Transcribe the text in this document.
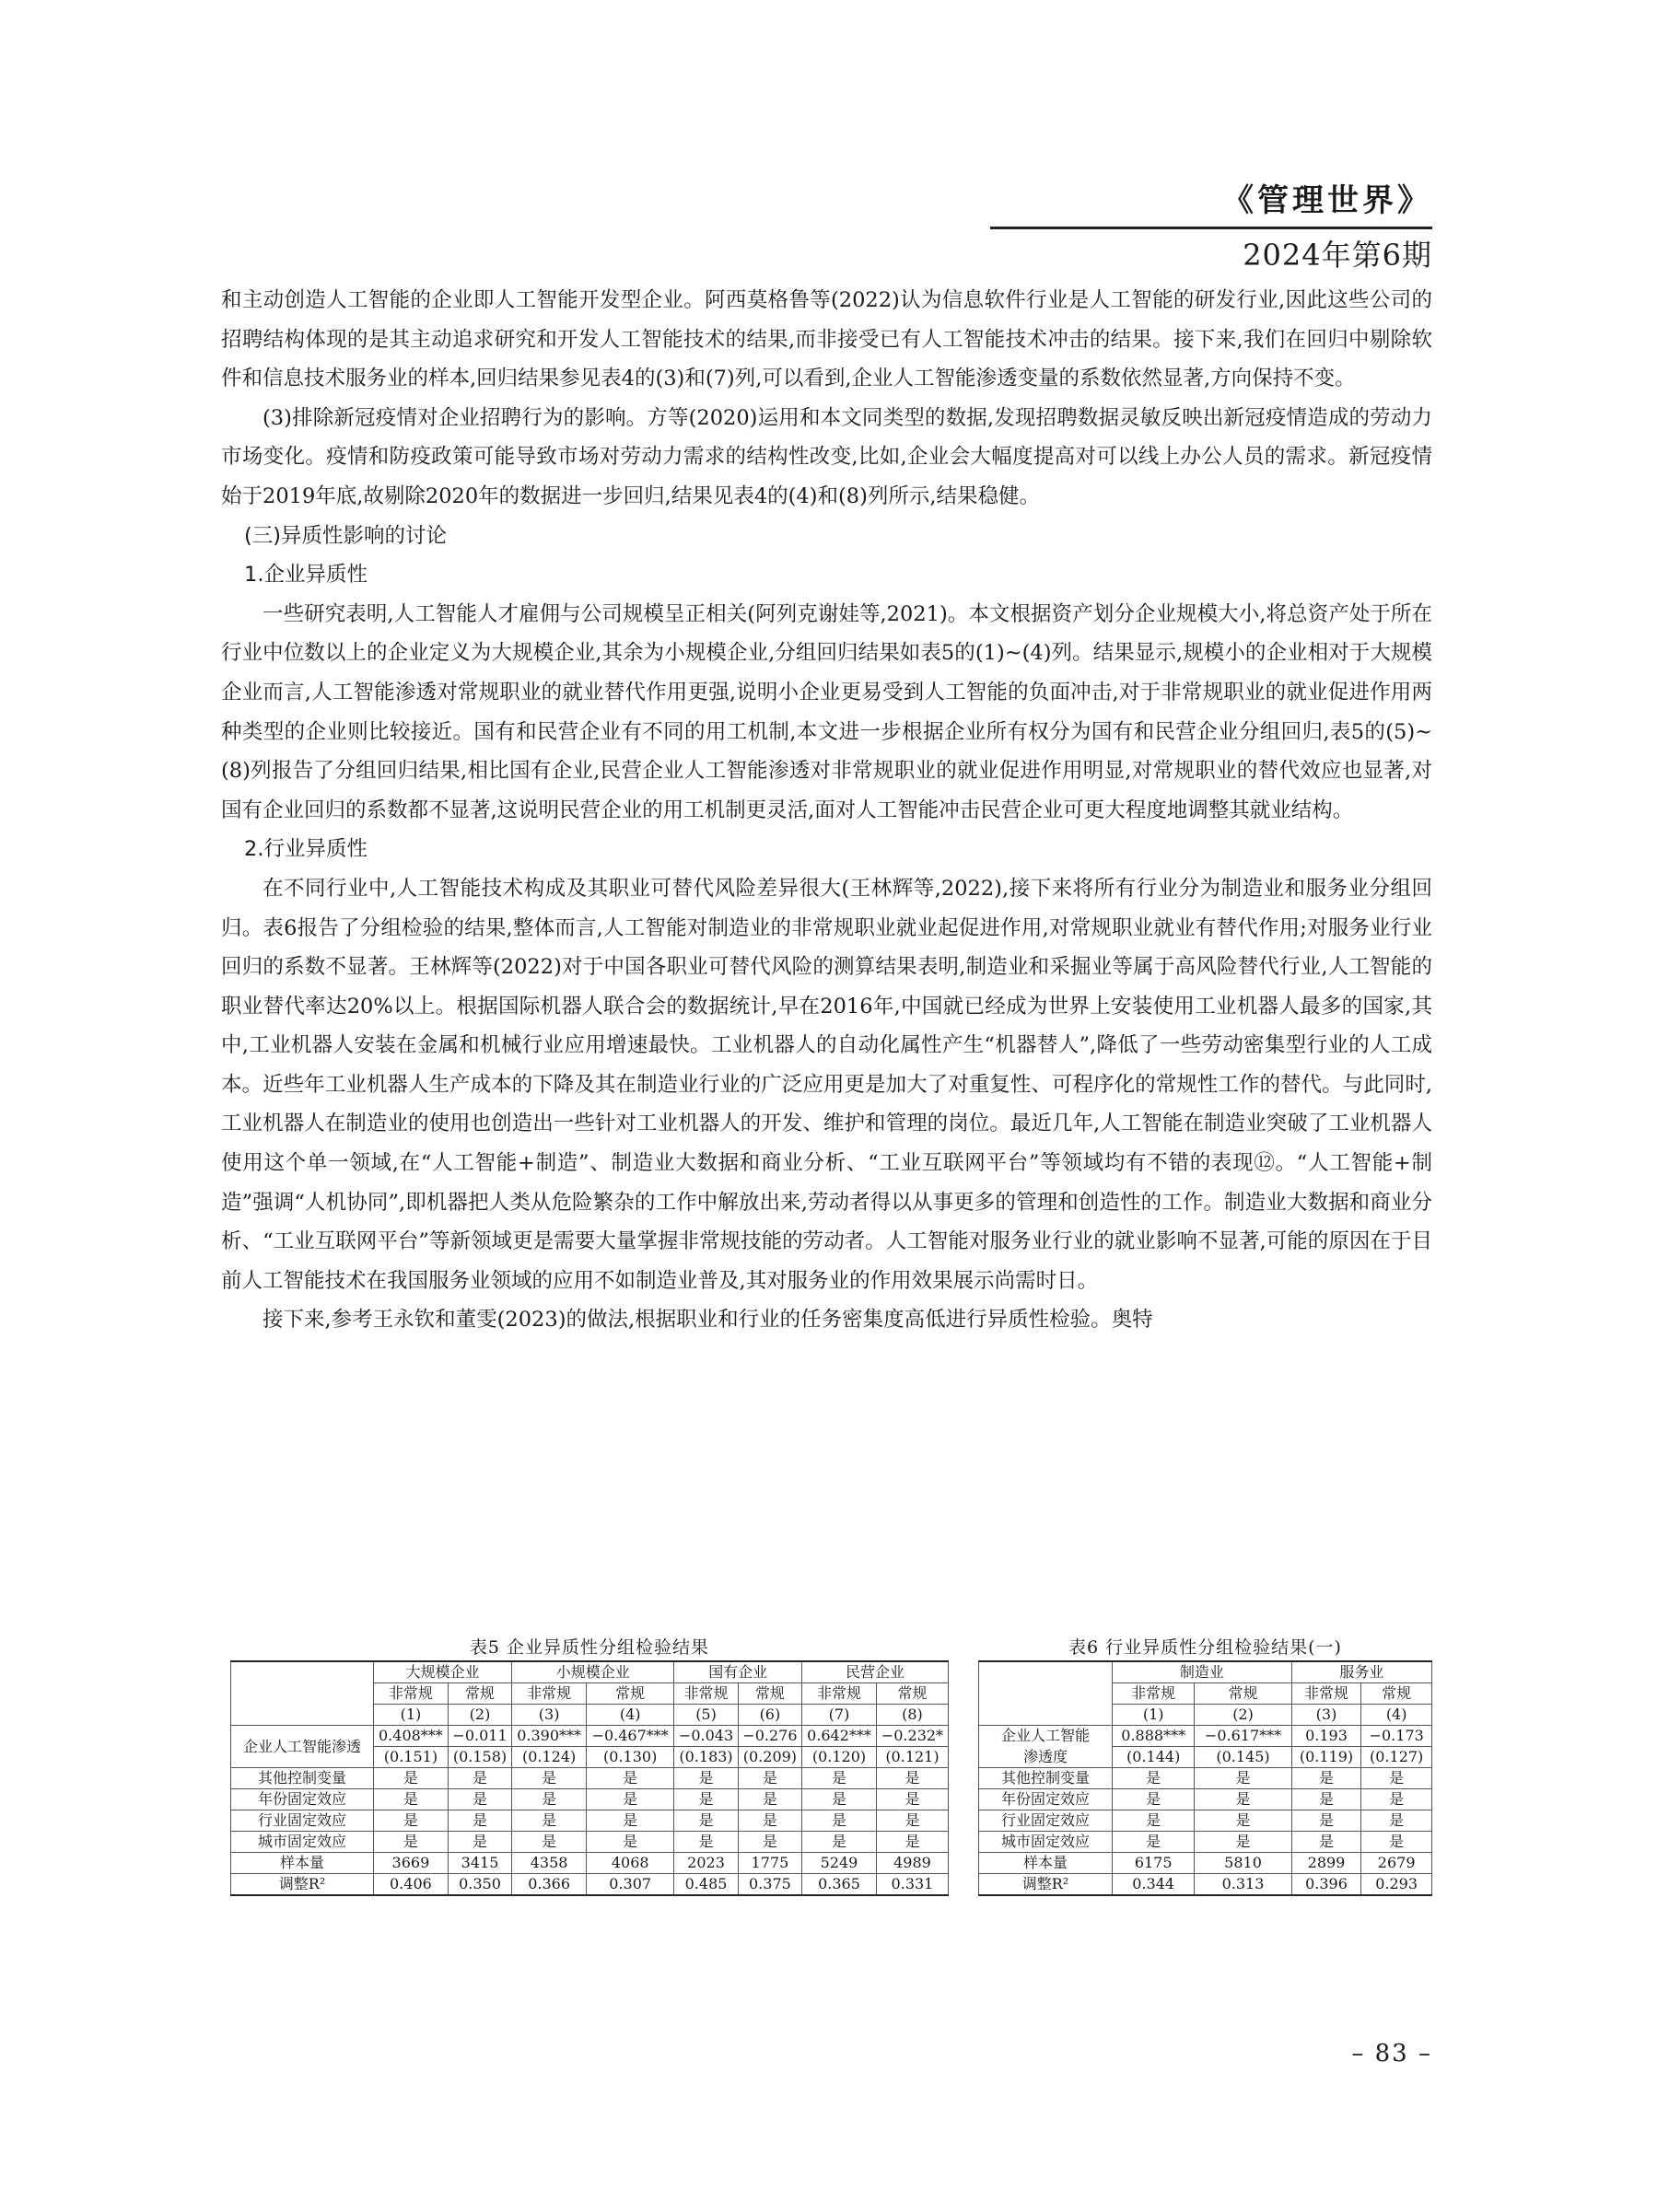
《管理世界》
2024年第6期

和主动创造人工智能的企业即人工智能开发型企业。阿西莫格鲁等(2022)认为信息软件行业是人工智能的研发行业,因此这些公司的招聘结构体现的是其主动追求研究和开发人工智能技术的结果,而非接受已有人工智能技术冲击的结果。接下来,我们在回归中剔除软件和信息技术服务业的样本,回归结果参见表4的(3)和(7)列,可以看到,企业人工智能渗透变量的系数依然显著,方向保持不变。

(3)排除新冠疫情对企业招聘行为的影响。方等(2020)运用和本文同类型的数据,发现招聘数据灵敏反映出新冠疫情造成的劳动力市场变化。疫情和防疫政策可能导致市场对劳动力需求的结构性改变,比如,企业会大幅度提高对可以线上办公人员的需求。新冠疫情始于2019年底,故剔除2020年的数据进一步回归,结果见表4的(4)和(8)列所示,结果稳健。

(三)异质性影响的讨论
1.企业异质性

一些研究表明,人工智能人才雇佣与公司规模呈正相关(阿列克谢娃等,2021)。本文根据资产划分企业规模大小,将总资产处于所在行业中位数以上的企业定义为大规模企业,其余为小规模企业,分组回归结果如表5的(1)~(4)列。结果显示,规模小的企业相对于大规模企业而言,人工智能渗透对常规职业的就业替代作用更强,说明小企业更易受到人工智能的负面冲击,对于非常规职业的就业促进作用两种类型的企业则比较接近。国有和民营企业有不同的用工机制,本文进一步根据企业所有权分为国有和民营企业分组回归,表5的(5)~(8)列报告了分组回归结果,相比国有企业,民营企业人工智能渗透对非常规职业的就业促进作用明显,对常规职业的替代效应也显著,对国有企业回归的系数都不显著,这说明民营企业的用工机制更灵活,面对人工智能冲击民营企业可更大程度地调整其就业结构。

2.行业异质性

在不同行业中,人工智能技术构成及其职业可替代风险差异很大(王林辉等,2022),接下来将所有行业分为制造业和服务业分组回归。表6报告了分组检验的结果,整体而言,人工智能对制造业的非常规职业就业起促进作用,对常规职业就业有替代作用;对服务业行业回归的系数不显著。王林辉等(2022)对于中国各职业可替代风险的测算结果表明,制造业和采掘业等属于高风险替代行业,人工智能的职业替代率达20%以上。根据国际机器人联合会的数据统计,早在2016年,中国就已经成为世界上安装使用工业机器人最多的国家,其中,工业机器人安装在金属和机械行业应用增速最快。工业机器人的自动化属性产生“机器替人”,降低了一些劳动密集型行业的人工成本。近些年工业机器人生产成本的下降及其在制造业行业的广泛应用更是加大了对重复性、可程序化的常规性工作的替代。与此同时,工业机器人在制造业的使用也创造出一些针对工业机器人的开发、维护和管理的岗位。最近几年,人工智能在制造业突破了工业机器人使用这个单一领域,在“人工智能+制造”、制造业大数据和商业分析、“工业互联网平台”等领域均有不错的表现⑫。“人工智能+制造”强调“人机协同”,即机器把人类从危险繁杂的工作中解放出来,劳动者得以从事更多的管理和创造性的工作。制造业大数据和商业分析、“工业互联网平台”等新领域更是需要大量掌握非常规技能的劳动者。人工智能对服务业行业的就业影响不显著,可能的原因在于目前人工智能技术在我国服务业领域的应用不如制造业普及,其对服务业的作用效果展示尚需时日。

接下来,参考王永钦和董雯(2023)的做法,根据职业和行业的任务密集度高低进行异质性检验。奥特

表5 企业异质性分组检验结果
	大规模企业		小规模企业		国有企业		民营企业	
	非常规	常规	非常规	常规	非常规	常规	非常规	常规
	(1)	(2)	(3)	(4)	(5)	(6)	(7)	(8)
企业人工智能渗透	0.408***	−0.011	0.390***	−0.467***	−0.043	−0.276	0.642***	−0.232*
	(0.151)	(0.158)	(0.124)	(0.130)	(0.183)	(0.209)	(0.120)	(0.121)
其他控制变量	是	是	是	是	是	是	是	是
年份固定效应	是	是	是	是	是	是	是	是
行业固定效应	是	是	是	是	是	是	是	是
城市固定效应	是	是	是	是	是	是	是	是
样本量	3669	3415	4358	4068	2023	1775	5249	4989
调整R²	0.406	0.350	0.366	0.307	0.485	0.375	0.365	0.331
表6 行业异质性分组检验结果(一)
	制造业		服务业	
	非常规	常规	非常规	常规
	(1)	(2)	(3)	(4)
企业人工智能	0.888***	−0.617***	0.193	−0.173
渗透度	(0.144)	(0.145)	(0.119)	(0.127)
其他控制变量	是	是	是	是
年份固定效应	是	是	是	是
行业固定效应	是	是	是	是
城市固定效应	是	是	是	是
样本量	6175	5810	2899	2679
调整R²	0.344	0.313	0.396	0.293
– 83 –
